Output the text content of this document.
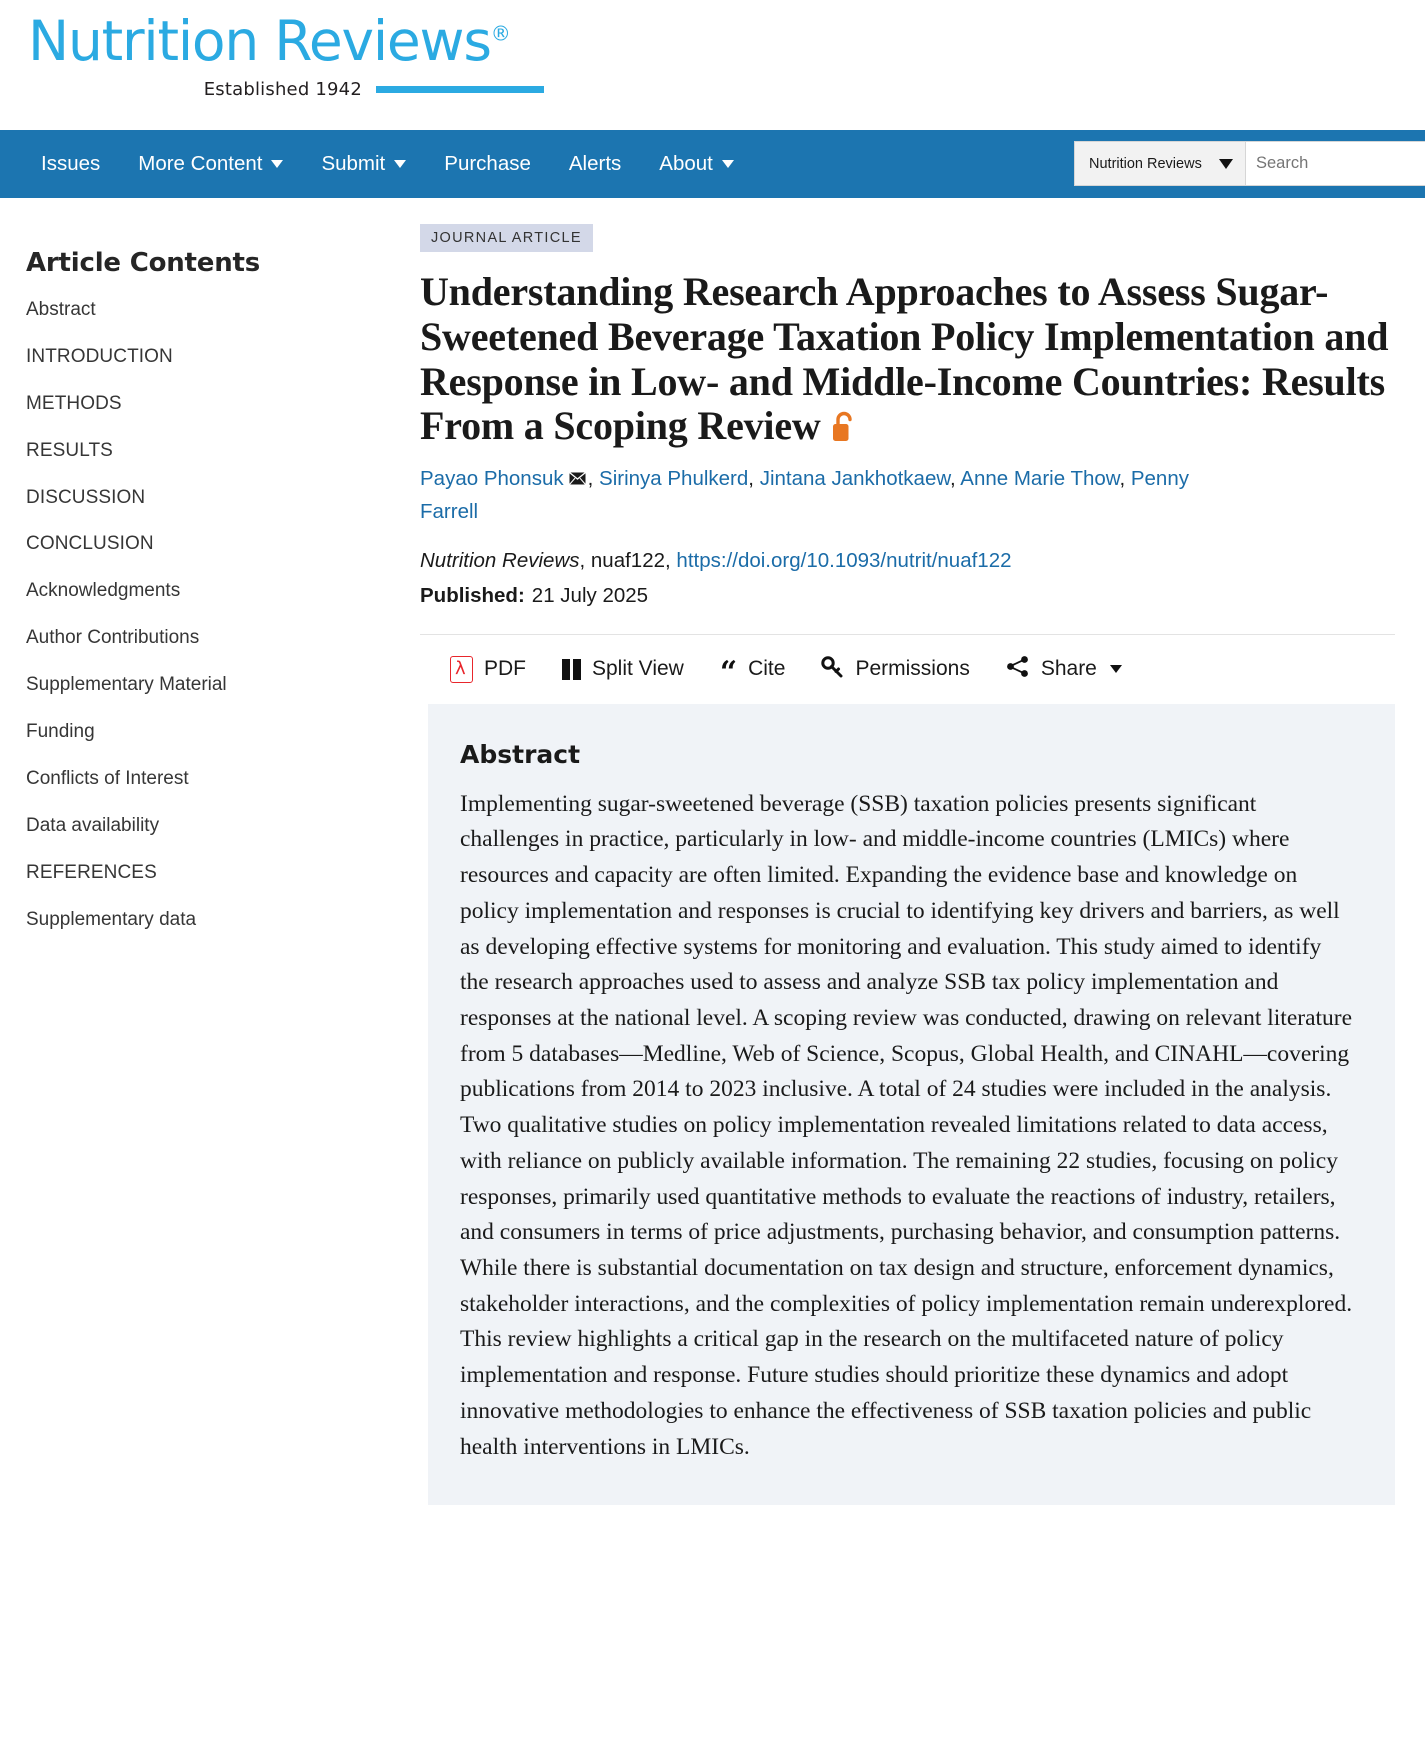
Nutrition Reviews®
Established 1942
Issues More Content	Submit	Purchase Alerts About	Nutrition Reviews
Search
Article Contents
Abstract
INTRODUCTION
METHODS
RESULTS
DISCUSSION
CONCLUSION
Acknowledgments
Author Contributions
Supplementary Material
Funding
Conflicts of Interest
Data availability
REFERENCES
Supplementary data
JOURNAL ARTICLE
Understanding Research Approaches to Assess Sugar-Sweetened Beverage Taxation Policy Implementation and Response in Low- and Middle-Income Countries: Results From a Scoping Review
Payao Phonsuk , Sirinya Phulkerd, Jintana Jankhotkaew, Anne Marie Thow, Penny Farrell
Nutrition Reviews, nuaf122, https://doi.org/10.1093/nutrit/nuaf122
Published: 21 July 2025
λ
PDF	Split View “ Cite	Permissions	Share
Abstract

Implementing sugar-sweetened beverage (SSB) taxation policies presents significant challenges in practice, particularly in low- and middle-income countries (LMICs) where resources and capacity are often limited. Expanding the evidence base and knowledge on policy implementation and responses is crucial to identifying key drivers and barriers, as well as developing effective systems for monitoring and evaluation. This study aimed to identify the research approaches used to assess and analyze SSB tax policy implementation and responses at the national level. A scoping review was conducted, drawing on relevant literature from 5 databases—Medline, Web of Science, Scopus, Global Health, and CINAHL—covering publications from 2014 to 2023 inclusive. A total of 24 studies were included in the analysis. Two qualitative studies on policy implementation revealed limitations related to data access, with reliance on publicly available information. The remaining 22 studies, focusing on policy responses, primarily used quantitative methods to evaluate the reactions of industry, retailers, and consumers in terms of price adjustments, purchasing behavior, and consumption patterns. While there is substantial documentation on tax design and structure, enforcement dynamics, stakeholder interactions, and the complexities of policy implementation remain underexplored. This review highlights a critical gap in the research on the multifaceted nature of policy implementation and response. Future studies should prioritize these dynamics and adopt innovative methodologies to enhance the effectiveness of SSB taxation policies and public health interventions in LMICs.
